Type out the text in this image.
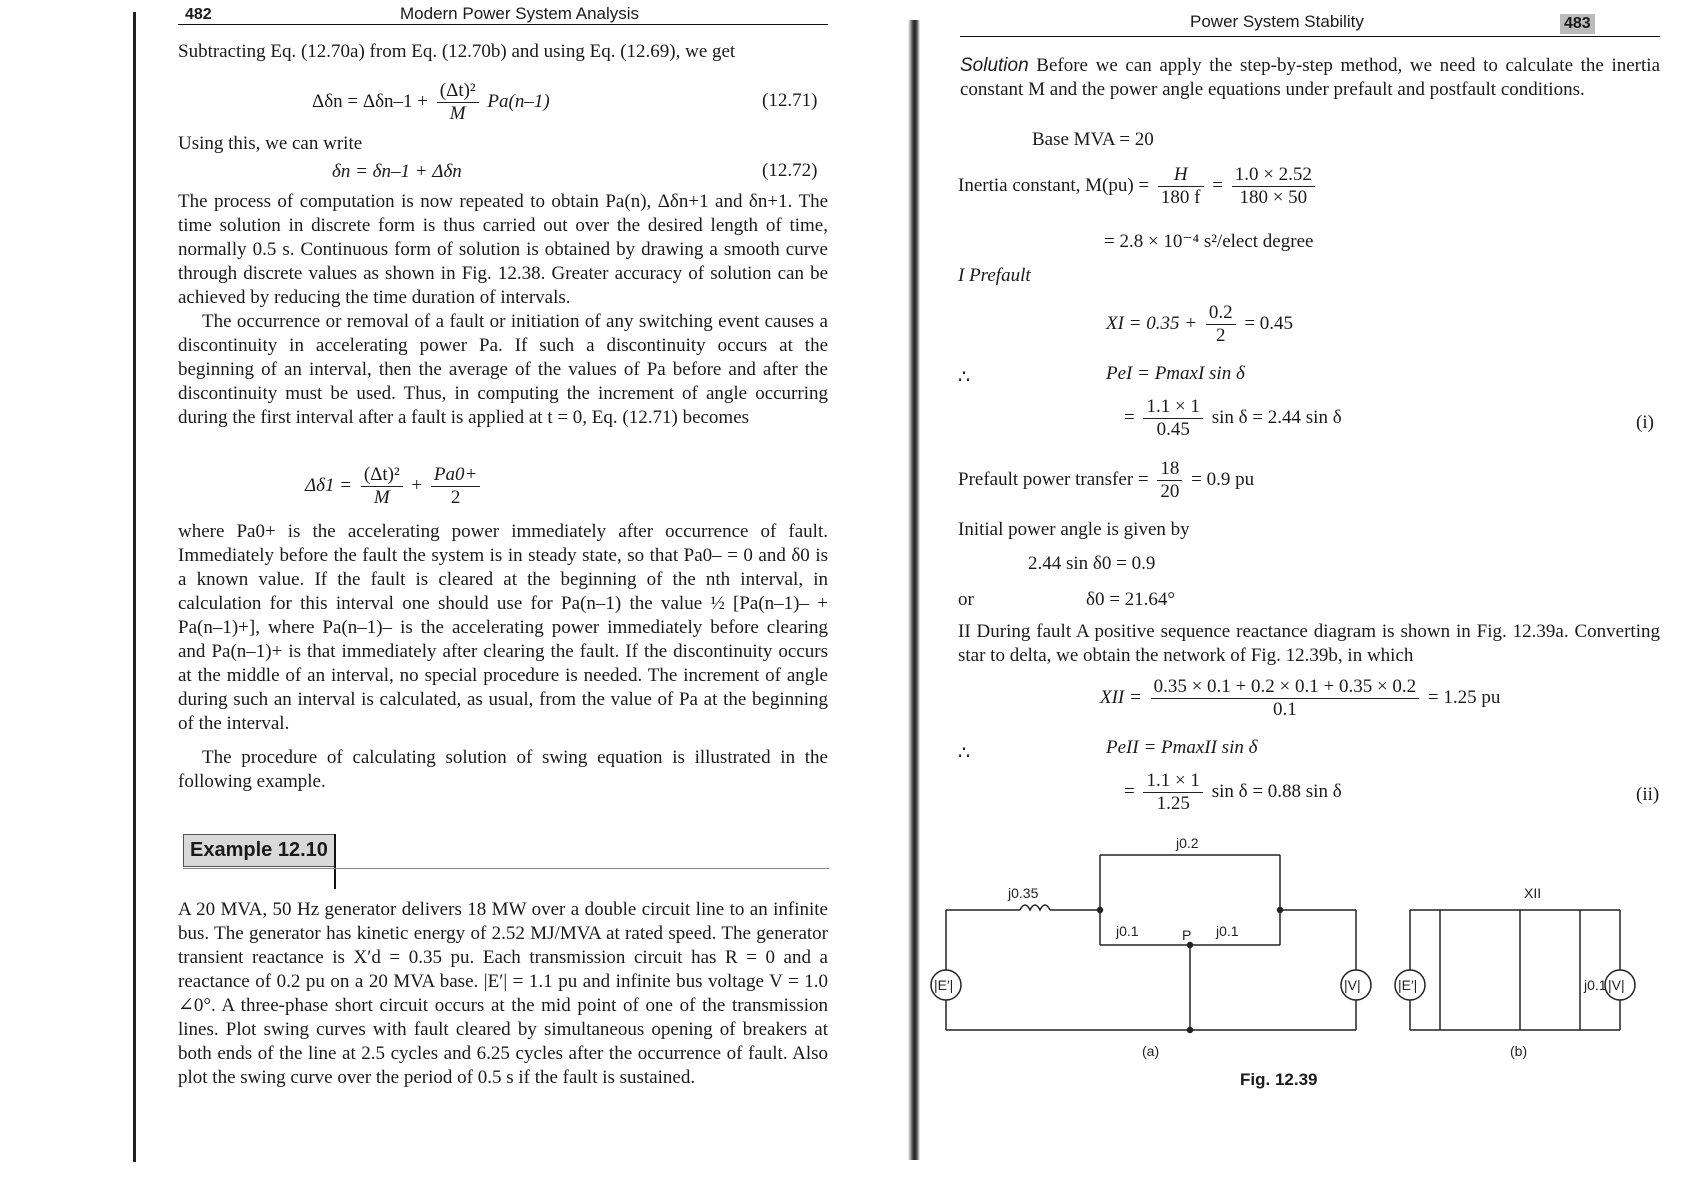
482	Modern Power System Analysis
Subtracting Eq. (12.70a) from Eq. (12.70b) and using Eq. (12.69), we get
$\Delta\delta n = \Delta\delta n-1 + \frac{\text{(Δt)²}}{M} Pa(n-1)$	(12.71)
Using this, we can write
δn = δn–1 + Δδn	(12.72)
The process of computation is now repeated to obtain Pa(n), Δδn+1 and δn+1. The time solution in discrete form is thus carried out over the desired length of time, normally 0.5 s. Continuous form of solution is obtained by drawing a smooth curve through discrete values as shown in Fig. 12.38. Greater accuracy of solution can be achieved by reducing the time duration of intervals.
The occurrence or removal of a fault or initiation of any switching event causes a discontinuity in accelerating power Pa. If such a discontinuity occurs at the beginning of an interval, then the average of the values of Pa before and after the discontinuity must be used. Thus, in computing the increment of angle occurring during the first interval after a fault is applied at t = 0, Eq. (12.71) becomes
$\Delta\delta 1 = \frac{\text{(Δt)²}}{M} + \frac{Pa0+}{2}$
where Pa0+ is the accelerating power immediately after occurrence of fault. Immediately before the fault the system is in steady state, so that Pa0– = 0 and δ0 is a known value. If the fault is cleared at the beginning of the nth interval, in calculation for this interval one should use for Pa(n–1) the value ½ [Pa(n–1)– + Pa(n–1)+], where Pa(n–1)– is the accelerating power immediately before clearing and Pa(n–1)+ is that immediately after clearing the fault. If the discontinuity occurs at the middle of an interval, no special procedure is needed. The increment of angle during such an interval is calculated, as usual, from the value of Pa at the beginning of the interval.
The procedure of calculating solution of swing equation is illustrated in the following example.
Example 12.10
A 20 MVA, 50 Hz generator delivers 18 MW over a double circuit line to an infinite bus. The generator has kinetic energy of 2.52 MJ/MVA at rated speed. The generator transient reactance is X′d = 0.35 pu. Each transmission circuit has R = 0 and a reactance of 0.2 pu on a 20 MVA base. |E′| = 1.1 pu and infinite bus voltage V = 1.0 ∠0°. A three-phase short circuit occurs at the mid point of one of the transmission lines. Plot swing curves with fault cleared by simultaneous opening of breakers at both ends of the line at 2.5 cycles and 6.25 cycles after the occurrence of fault. Also plot the swing curve over the period of 0.5 s if the fault is sustained.
Power System Stability	483
Solution Before we can apply the step-by-step method, we need to calculate the inertia constant M and the power angle equations under prefault and postfault conditions.
Base MVA = 20
Inertia constant, $M(pu) = \frac{H}{180 f} = \frac{1.0 \times 2.52}{180 \times 50}$
= 2.8 × 10⁻⁴ s²/elect degree
I Prefault
XI = $0.35 + \frac{0.2}{2} = 0.45$
∴	PeI = PmaxI sin δ
= $\frac{1.1 \times 1}{0.45}$ sin δ = 2.44 sin δ	(i)
Prefault power transfer = $\frac{18}{20} = 0.9$ pu
Initial power angle is given by
2.44 sin δ0 = 0.9
or	δ0 = 21.64°
II During fault A positive sequence reactance diagram is shown in Fig. 12.39a. Converting star to delta, we obtain the network of Fig. 12.39b, in which
XII = $\frac{0.35 \times 0.1 + 0.2 \times 0.1 + 0.35 \times 0.2}{0.1} = 1.25$ pu
∴	PeII = PmaxII sin δ
= $\frac{1.1 \times 1}{1.25}$ sin δ = 0.88 sin δ	(ii)
j0.35
j0.2
j0.1	P j0.1
|E′|	|V|
(a)
XII
j0.1
|E′|	|V|
(b)
Fig. 12.39
